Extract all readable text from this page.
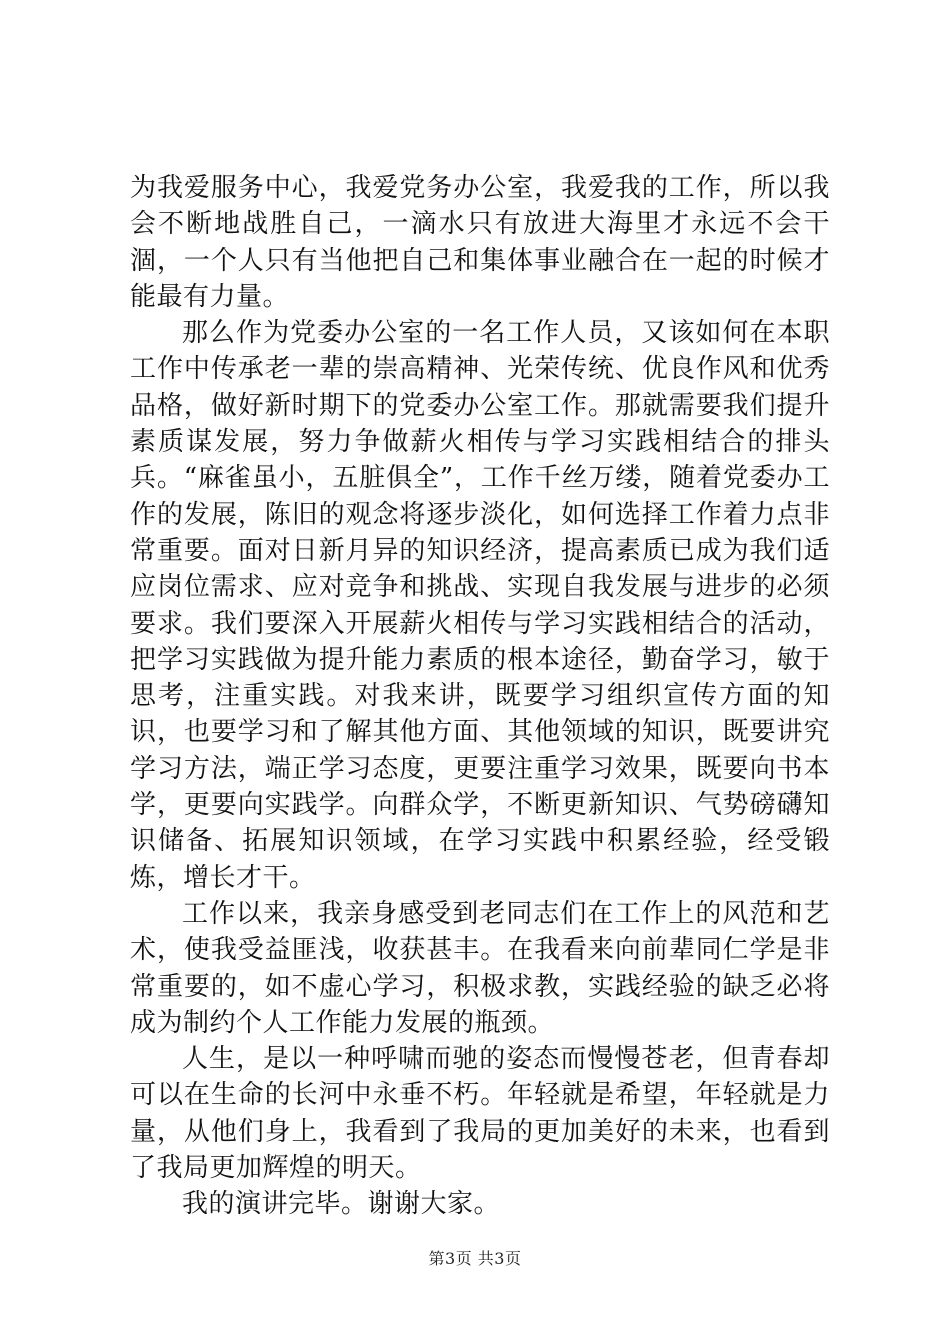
为我爱服务中心，我爱党务办公室，我爱我的工作，所以我会不断地战胜自己，一滴水只有放进大海里才永远不会干涸，一个人只有当他把自己和集体事业融合在一起的时候才能最有力量。

那么作为党委办公室的一名工作人员，又该如何在本职工作中传承老一辈的崇高精神、光荣传统、优良作风和优秀品格，做好新时期下的党委办公室工作。那就需要我们提升素质谋发展，努力争做薪火相传与学习实践相结合的排头兵。“麻雀虽小，五脏俱全”，工作千丝万缕，随着党委办工作的发展，陈旧的观念将逐步淡化，如何选择工作着力点非常重要。面对日新月异的知识经济，提高素质已成为我们适应岗位需求、应对竞争和挑战、实现自我发展与进步的必须要求。我们要深入开展薪火相传与学习实践相结合的活动，把学习实践做为提升能力素质的根本途径，勤奋学习，敏于思考，注重实践。对我来讲，既要学习组织宣传方面的知识，也要学习和了解其他方面、其他领域的知识，既要讲究学习方法，端正学习态度，更要注重学习效果，既要向书本学，更要向实践学。向群众学，不断更新知识、气势磅礴知识储备、拓展知识领域，在学习实践中积累经验，经受锻炼，增长才干。

工作以来，我亲身感受到老同志们在工作上的风范和艺术，使我受益匪浅，收获甚丰。在我看来向前辈同仁学是非常重要的，如不虚心学习，积极求教，实践经验的缺乏必将成为制约个人工作能力发展的瓶颈。

人生，是以一种呼啸而驰的姿态而慢慢苍老，但青春却可以在生命的长河中永垂不朽。年轻就是希望，年轻就是力量，从他们身上，我看到了我局的更加美好的未来，也看到了我局更加辉煌的明天。

我的演讲完毕。谢谢大家。

第3页 共3页
